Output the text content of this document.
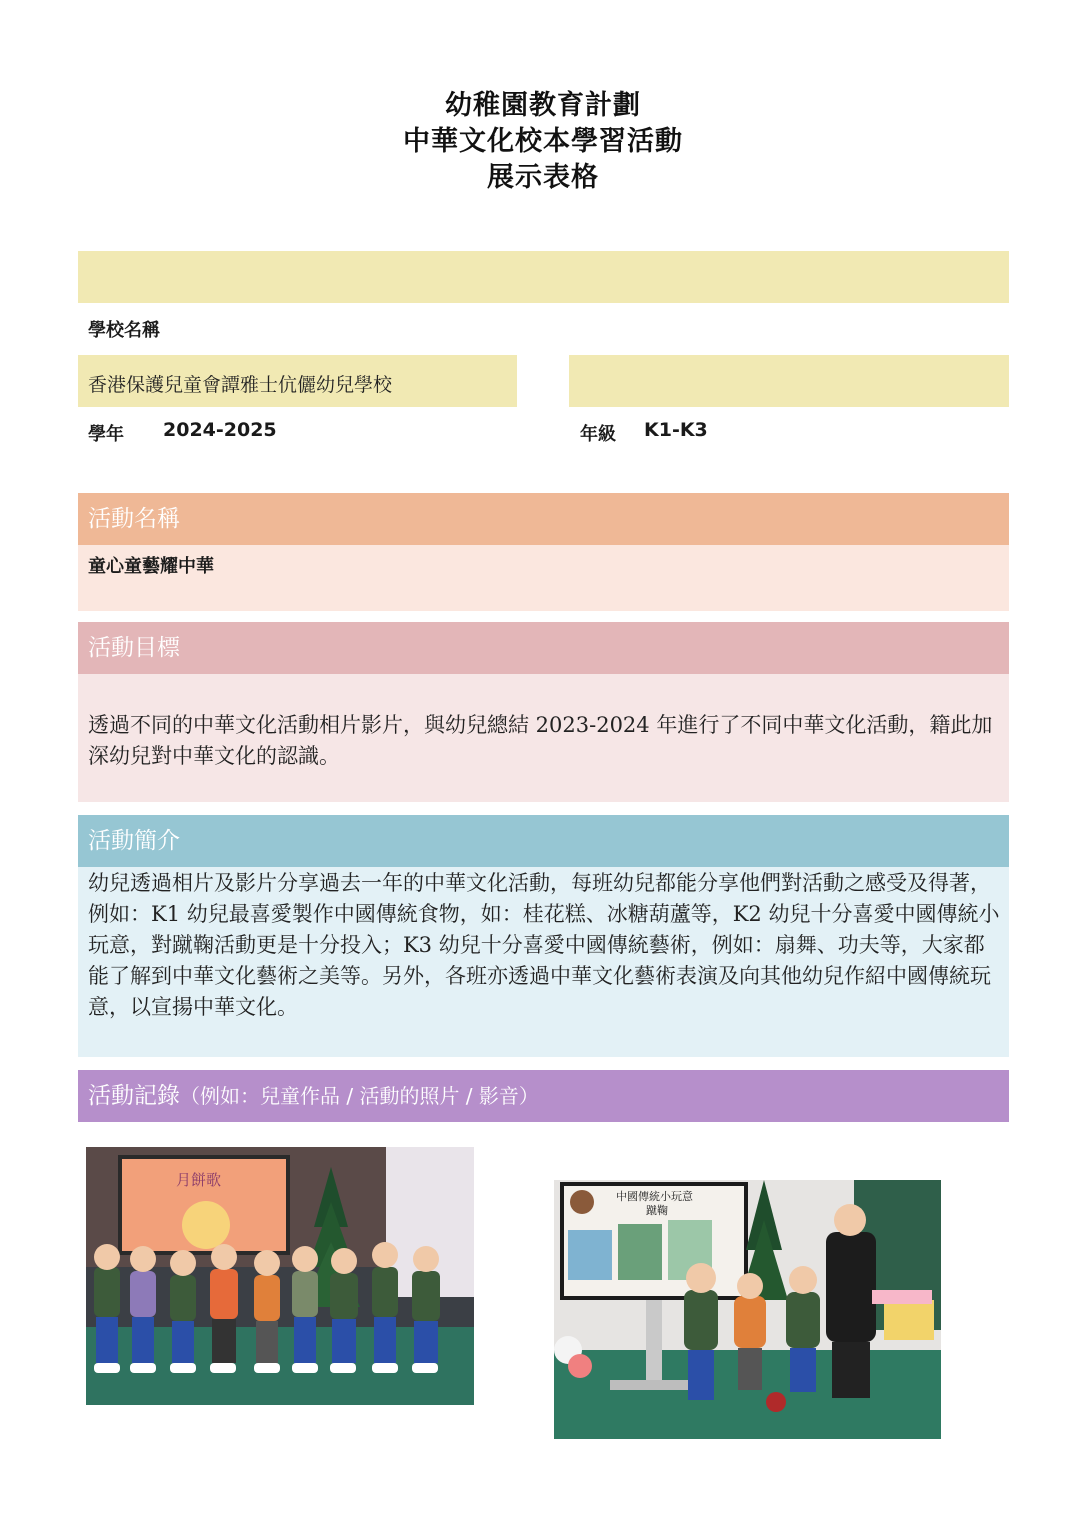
幼稚園教育計劃
中華文化校本學習活動
展示表格
學校名稱
香港保護兒童會譚雅士伉儷幼兒學校
學年 2024-2025	年級 K1-K3
活動名稱
童心童藝耀中華
活動目標
透過不同的中華文化活動相片影片，與幼兒總結 2023-2024 年進行了不同中華文化活動，籍此加深幼兒對中華文化的認識。
活動簡介
幼兒透過相片及影片分享過去一年的中華文化活動，每班幼兒都能分享他們對活動之感受及得著，例如：K1 幼兒最喜愛製作中國傳統食物，如：桂花糕、冰糖葫蘆等，K2 幼兒十分喜愛中國傳統小玩意，對蹴鞠活動更是十分投入；K3 幼兒十分喜愛中國傳統藝術，例如：扇舞、功夫等，大家都能了解到中華文化藝術之美等。另外，各班亦透過中華文化藝術表演及向其他幼兒作紹中國傳統玩意，以宣揚中華文化。
活動記錄（例如：兒童作品 / 活動的照片 / 影音）
月餅歌
中國傳統小玩意
蹴鞠
